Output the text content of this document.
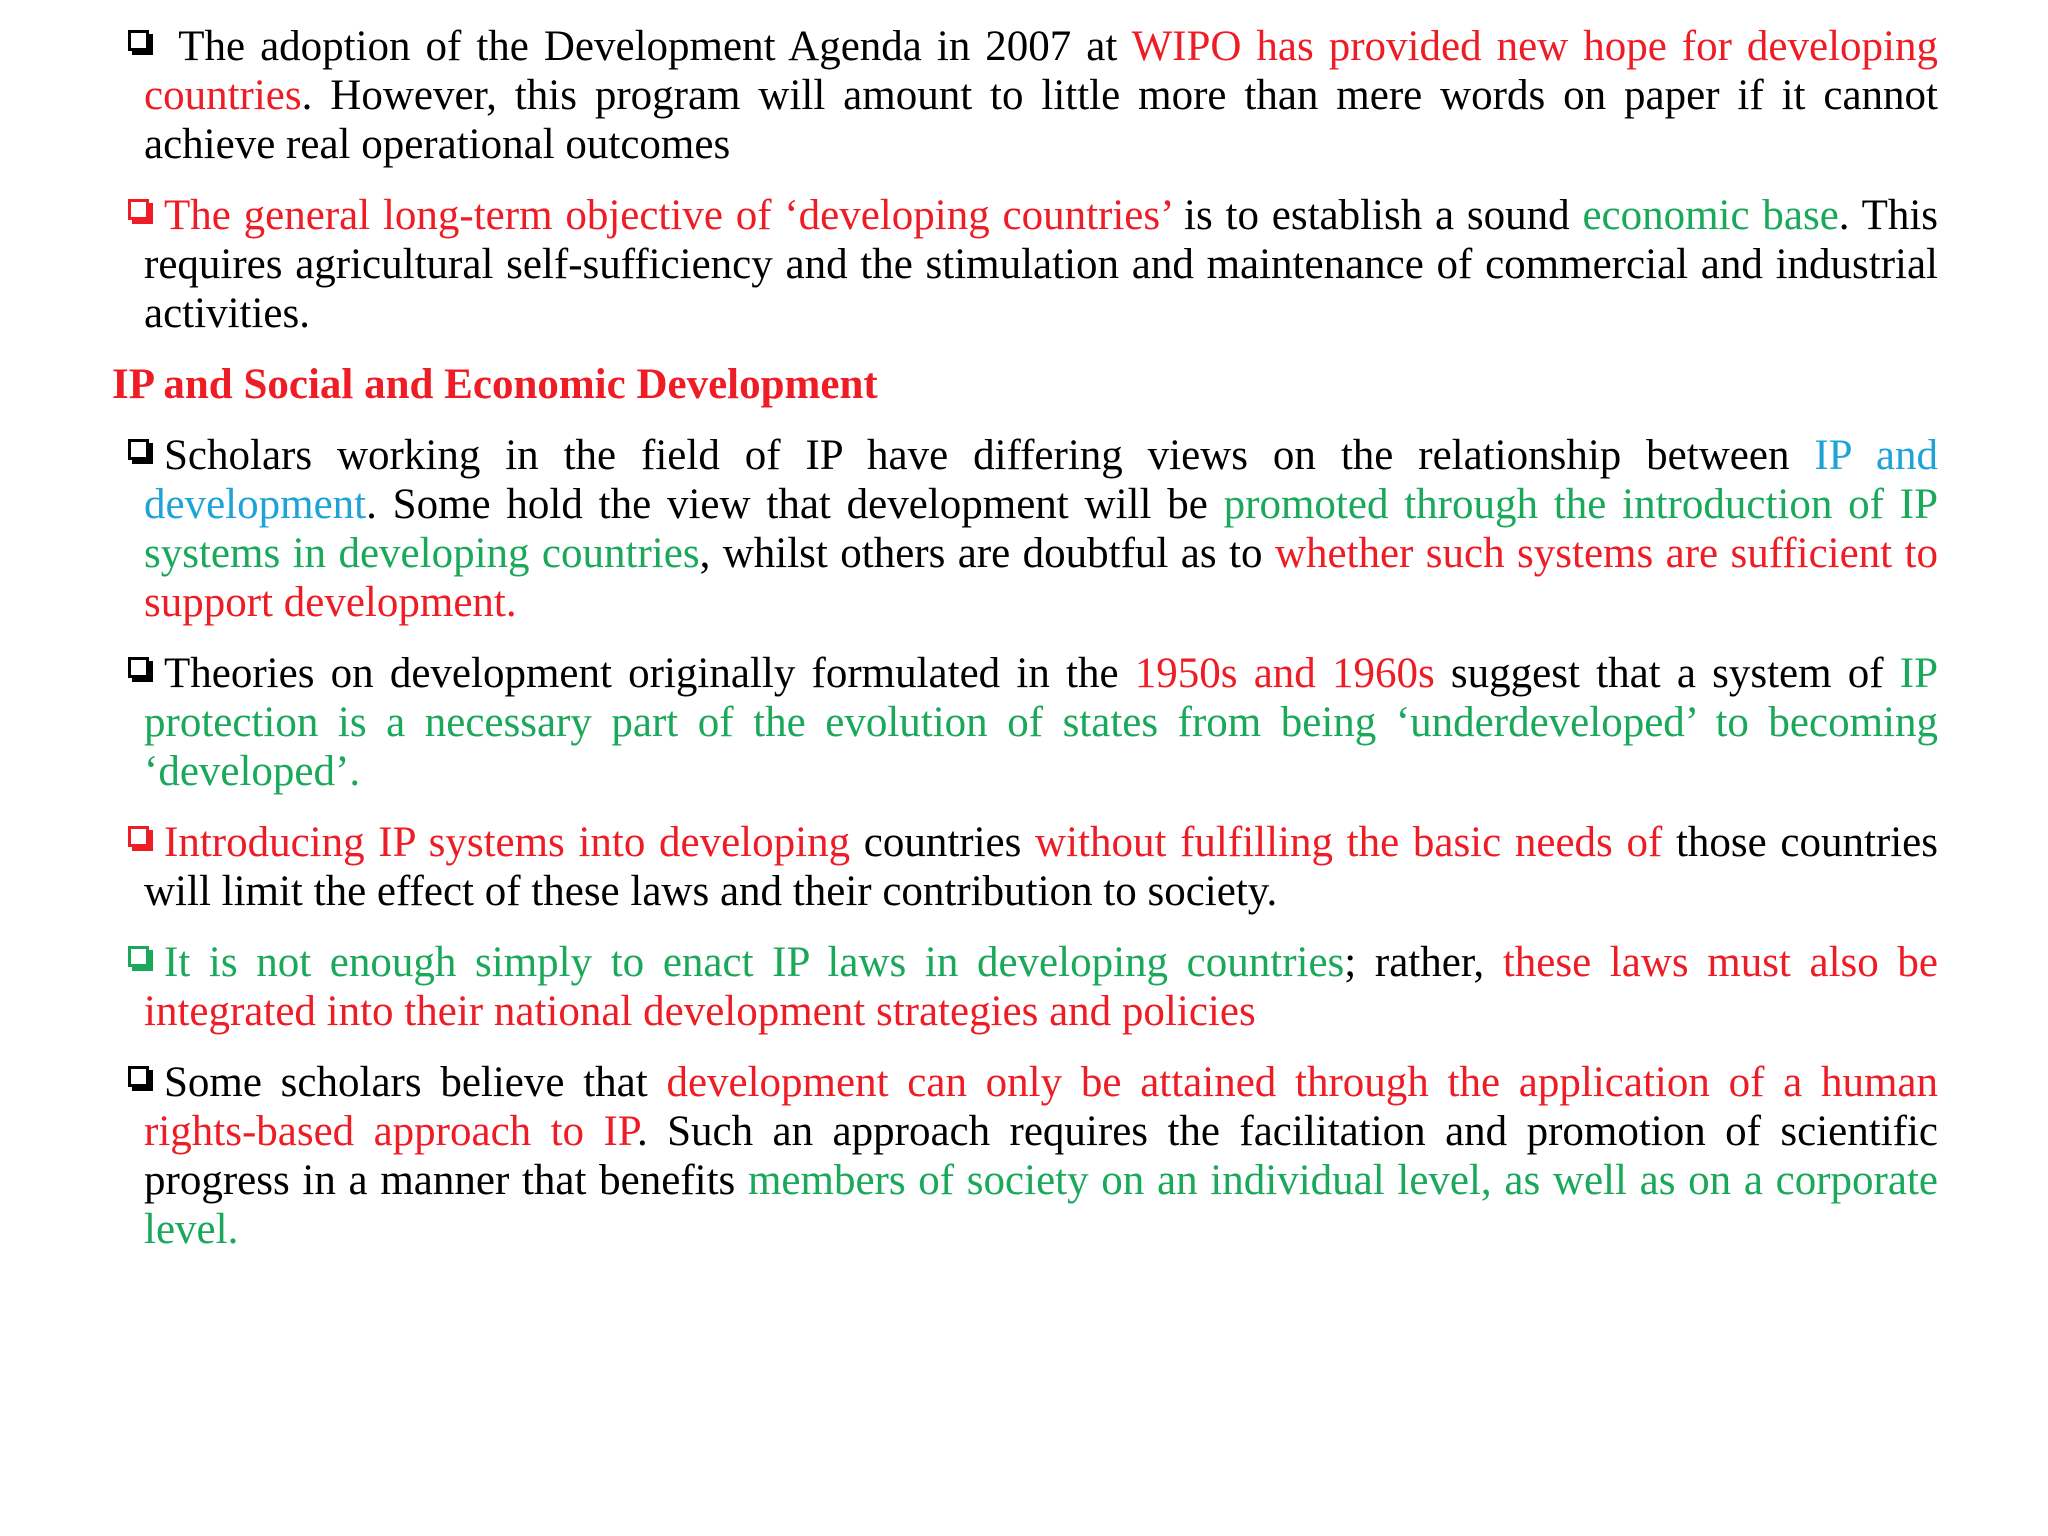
The adoption of the Development Agenda in 2007 at WIPO has provided new hope for developing countries. However, this program will amount to little more than mere words on paper if it cannot achieve real operational outcomes

The general long-term objective of ‘developing countries’ is to establish a sound economic base. This requires agricultural self-sufficiency and the stimulation and maintenance of commercial and industrial activities.

IP and Social and Economic Development

Scholars working in the field of IP have differing views on the relationship between IP and development. Some hold the view that development will be promoted through the introduction of IP systems in developing countries, whilst others are doubtful as to whether such systems are sufficient to support development.

Theories on development originally formulated in the 1950s and 1960s suggest that a system of IP protection is a necessary part of the evolution of states from being ‘underdeveloped’ to becoming ‘developed’.

Introducing IP systems into developing countries without fulfilling the basic needs of those countries will limit the effect of these laws and their contribution to society.

It is not enough simply to enact IP laws in developing countries; rather, these laws must also be integrated into their national development strategies and policies

Some scholars believe that development can only be attained through the application of a human rights-based approach to IP. Such an approach requires the facilitation and promotion of scientific progress in a manner that benefits members of society on an individual level, as well as on a corporate level.
